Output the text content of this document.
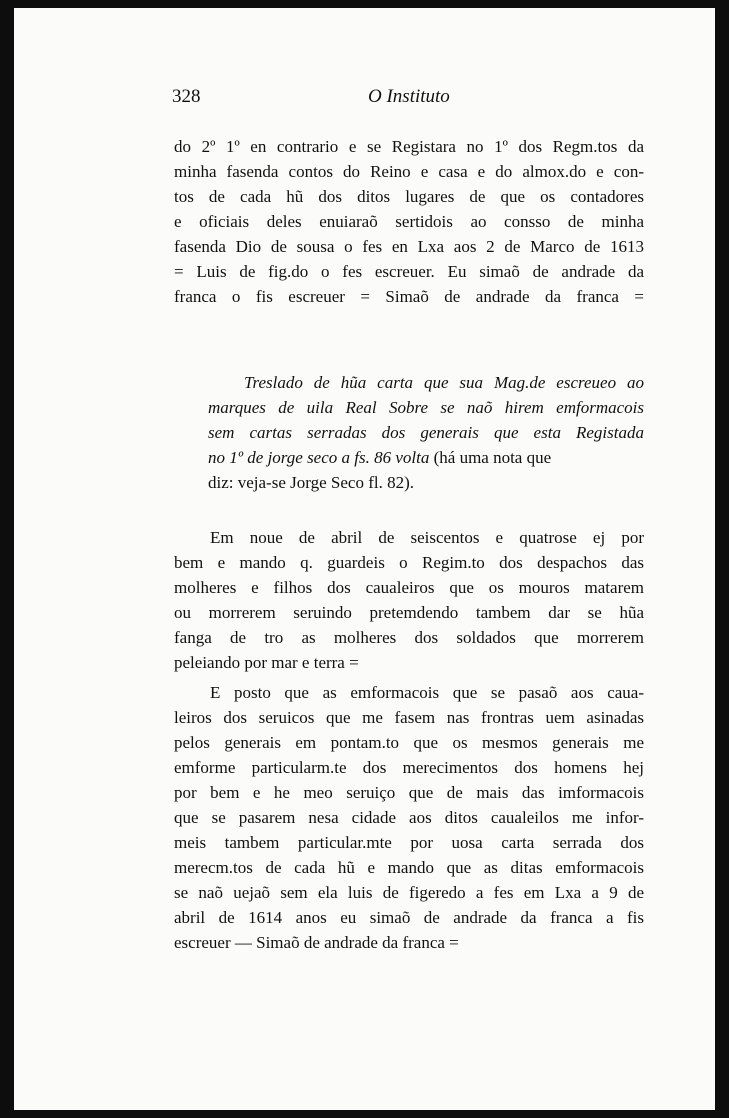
328	O Instituto
do 2º 1º en contrario e se Registara no 1º dos Regm.tos da
minha fasenda contos do Reino e casa e do almox.do e con-
tos de cada hũ dos ditos lugares de que os contadores
e oficiais deles enuiaraõ sertidois ao consso de minha
fasenda Dio de sousa o fes en Lxa aos 2 de Marco de 1613
= Luis de fig.do o fes escreuer. Eu simaõ de andrade da
franca o fis escreuer = Simaõ de andrade da franca =
Treslado de hũa carta que sua Mag.de escreueo ao
marques de uila Real Sobre se naõ hirem emformacois
sem cartas serradas dos generais que esta Registada
no 1º de jorge seco a fs. 86 volta (há uma nota que
diz: veja-se Jorge Seco fl. 82).
Em noue de abril de seiscentos e quatrose ej por
bem e mando q. guardeis o Regim.to dos despachos das
molheres e filhos dos caualeiros que os mouros matarem
ou morrerem seruindo pretemdendo tambem dar se hũa
fanga de tro as molheres dos soldados que morrerem
peleiando por mar e terra =
E posto que as emformacois que se pasaõ aos caua-
leiros dos seruicos que me fasem nas frontras uem asinadas
pelos generais em pontam.to que os mesmos generais me
emforme particularm.te dos merecimentos dos homens hej
por bem e he meo seruiço que de mais das imformacois
que se pasarem nesa cidade aos ditos caualeilos me infor-
meis tambem particular.mte por uosa carta serrada dos
merecm.tos de cada hũ e mando que as ditas emformacois
se naõ uejaõ sem ela luis de figeredo a fes em Lxa a 9 de
abril de 1614 anos eu simaõ de andrade da franca a fis
escreuer — Simaõ de andrade da franca =
